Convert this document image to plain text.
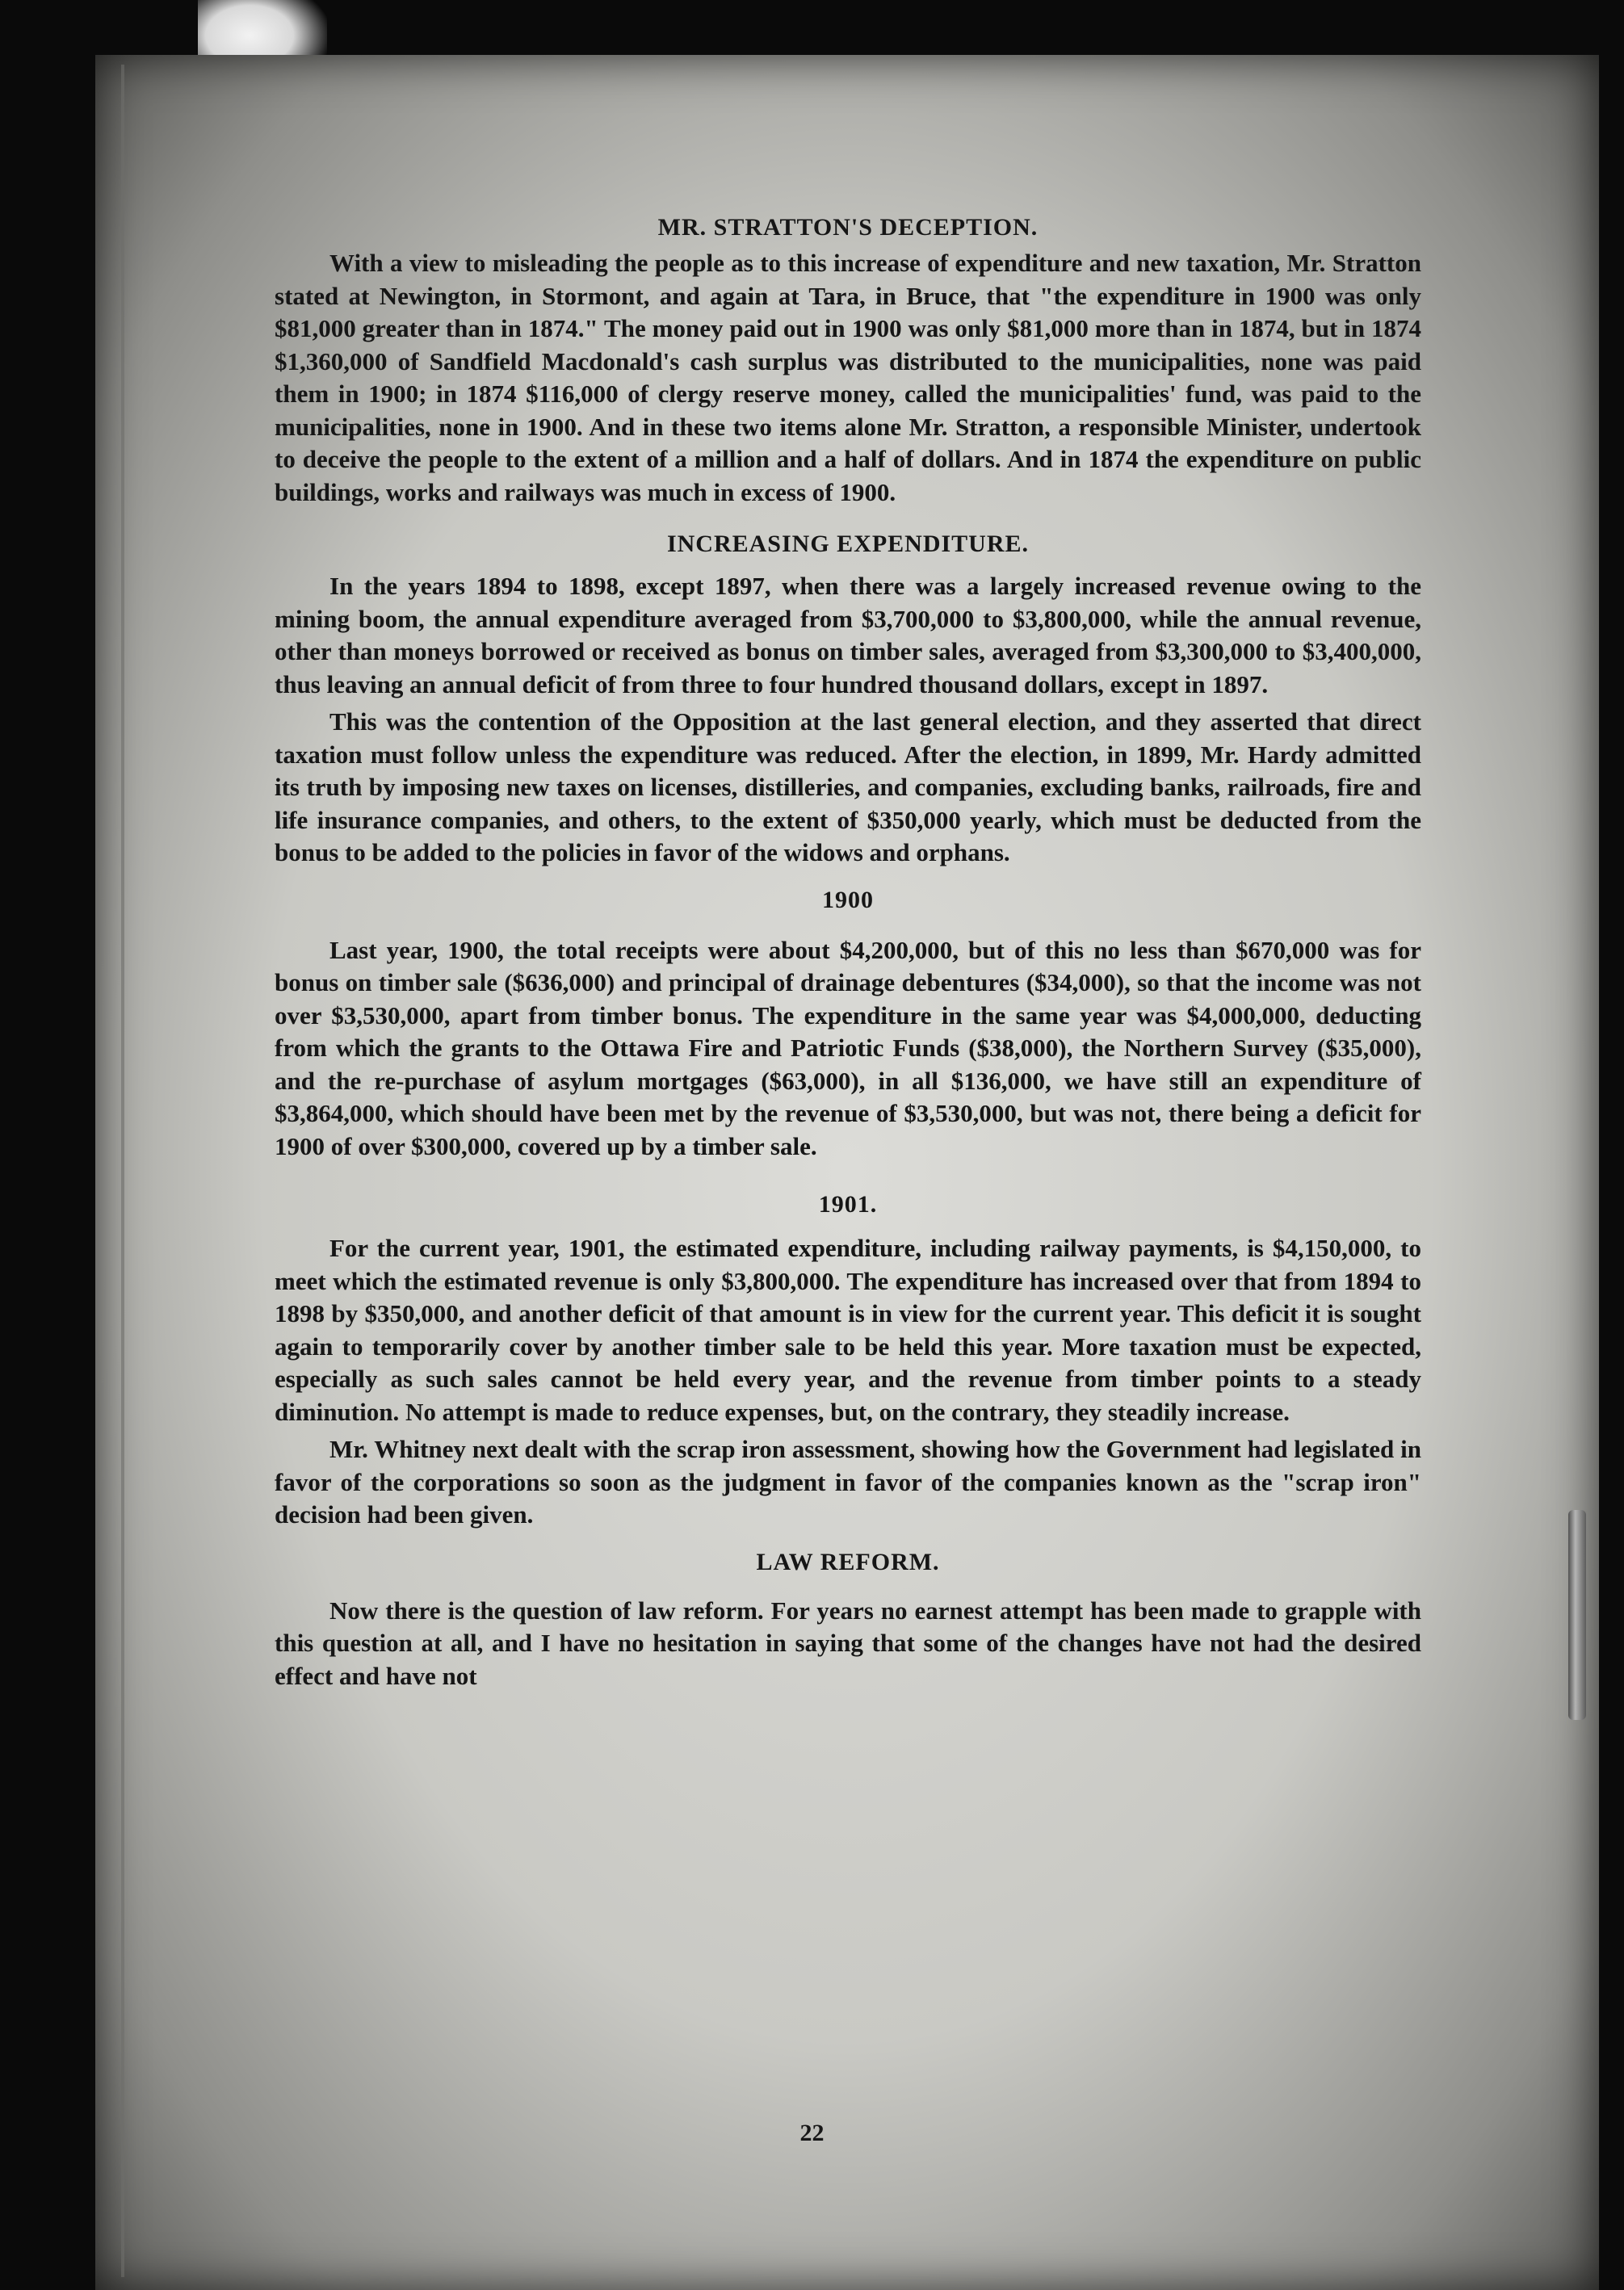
MR. STRATTON'S DECEPTION.

With a view to misleading the people as to this increase of expenditure and new taxation, Mr. Stratton stated at Newington, in Stormont, and again at Tara, in Bruce, that "the expenditure in 1900 was only $81,000 greater than in 1874." The money paid out in 1900 was only $81,000 more than in 1874, but in 1874 $1,360,000 of Sandfield Macdonald's cash surplus was distributed to the municipalities, none was paid them in 1900; in 1874 $116,000 of clergy reserve money, called the municipalities' fund, was paid to the municipalities, none in 1900. And in these two items alone Mr. Stratton, a responsible Minister, undertook to deceive the people to the extent of a million and a half of dollars. And in 1874 the expenditure on public buildings, works and railways was much in excess of 1900.

INCREASING EXPENDITURE.

In the years 1894 to 1898, except 1897, when there was a largely increased revenue owing to the mining boom, the annual expenditure averaged from $3,700,000 to $3,800,000, while the annual revenue, other than moneys borrowed or received as bonus on timber sales, averaged from $3,300,000 to $3,400,000, thus leaving an annual deficit of from three to four hundred thousand dollars, except in 1897.

This was the contention of the Opposition at the last general election, and they asserted that direct taxation must follow unless the expenditure was reduced. After the election, in 1899, Mr. Hardy admitted its truth by imposing new taxes on licenses, distilleries, and companies, excluding banks, railroads, fire and life insurance companies, and others, to the extent of $350,000 yearly, which must be deducted from the bonus to be added to the policies in favor of the widows and orphans.

1900

Last year, 1900, the total receipts were about $4,200,000, but of this no less than $670,000 was for bonus on timber sale ($636,000) and principal of drainage debentures ($34,000), so that the income was not over $3,530,000, apart from timber bonus. The expenditure in the same year was $4,000,000, deducting from which the grants to the Ottawa Fire and Patriotic Funds ($38,000), the Northern Survey ($35,000), and the re-purchase of asylum mortgages ($63,000), in all $136,000, we have still an expenditure of $3,864,000, which should have been met by the revenue of $3,530,000, but was not, there being a deficit for 1900 of over $300,000, covered up by a timber sale.

1901.

For the current year, 1901, the estimated expenditure, including railway payments, is $4,150,000, to meet which the estimated revenue is only $3,800,000. The expenditure has increased over that from 1894 to 1898 by $350,000, and another deficit of that amount is in view for the current year. This deficit it is sought again to temporarily cover by another timber sale to be held this year. More taxation must be expected, especially as such sales cannot be held every year, and the revenue from timber points to a steady diminution. No attempt is made to reduce expenses, but, on the contrary, they steadily increase.

Mr. Whitney next dealt with the scrap iron assessment, showing how the Government had legislated in favor of the corporations so soon as the judgment in favor of the companies known as the "scrap iron" decision had been given.

LAW REFORM.

Now there is the question of law reform. For years no earnest attempt has been made to grapple with this question at all, and I have no hesitation in saying that some of the changes have not had the desired effect and have not

22
